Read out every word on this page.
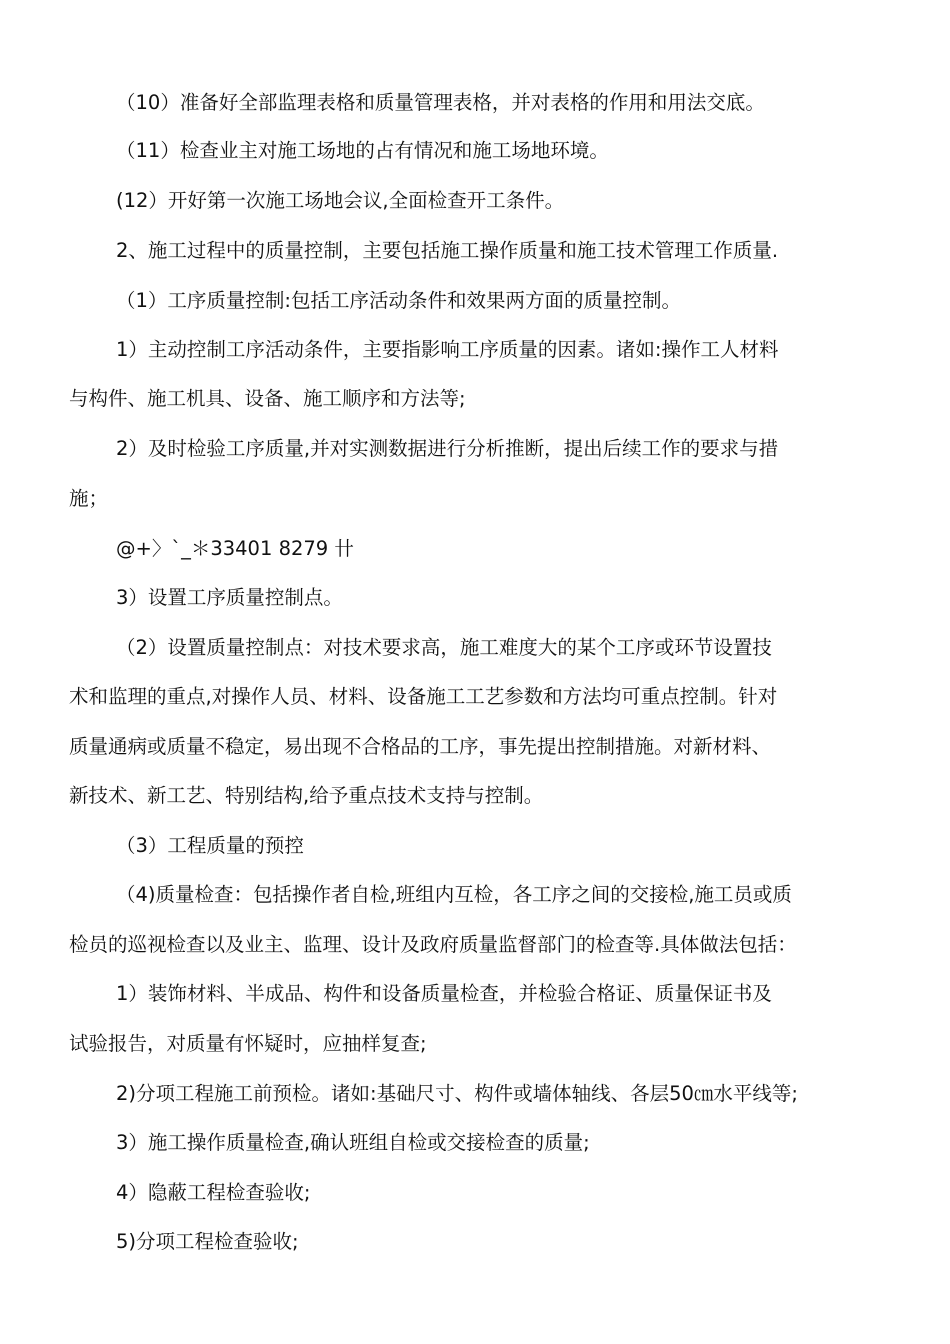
（10）准备好全部监理表格和质量管理表格，并对表格的作用和用法交底。
（11）检查业主对施工场地的占有情况和施工场地环境。
(12）开好第一次施工场地会议,全面检查开工条件。
2、施工过程中的质量控制，主要包括施工操作质量和施工技术管理工作质量.
（1）工序质量控制:包括工序活动条件和效果两方面的质量控制。
1）主动控制工序活动条件，主要指影响工序质量的因素。诸如:操作工人材料
与构件、施工机具、设备、施工顺序和方法等;
2）及时检验工序质量,并对实测数据进行分析推断，提出后续工作的要求与措
施；
@+〉`_＊33401 8279 卄
3）设置工序质量控制点。
（2）设置质量控制点：对技术要求高，施工难度大的某个工序或环节设置技
术和监理的重点,对操作人员、材料、设备施工工艺参数和方法均可重点控制。针对
质量通病或质量不稳定，易出现不合格品的工序，事先提出控制措施。对新材料、
新技术、新工艺、特别结构,给予重点技术支持与控制。
（3）工程质量的预控
（4)质量检查：包括操作者自检,班组内互检，各工序之间的交接检,施工员或质
检员的巡视检查以及业主、监理、设计及政府质量监督部门的检查等.具体做法包括：
1）装饰材料、半成品、构件和设备质量检查，并检验合格证、质量保证书及
试验报告，对质量有怀疑时，应抽样复查;
2)分项工程施工前预检。诸如:基础尺寸、构件或墙体轴线、各层50㎝水平线等;
3）施工操作质量检查,确认班组自检或交接检查的质量;
4）隐蔽工程检查验收;
5)分项工程检查验收;
